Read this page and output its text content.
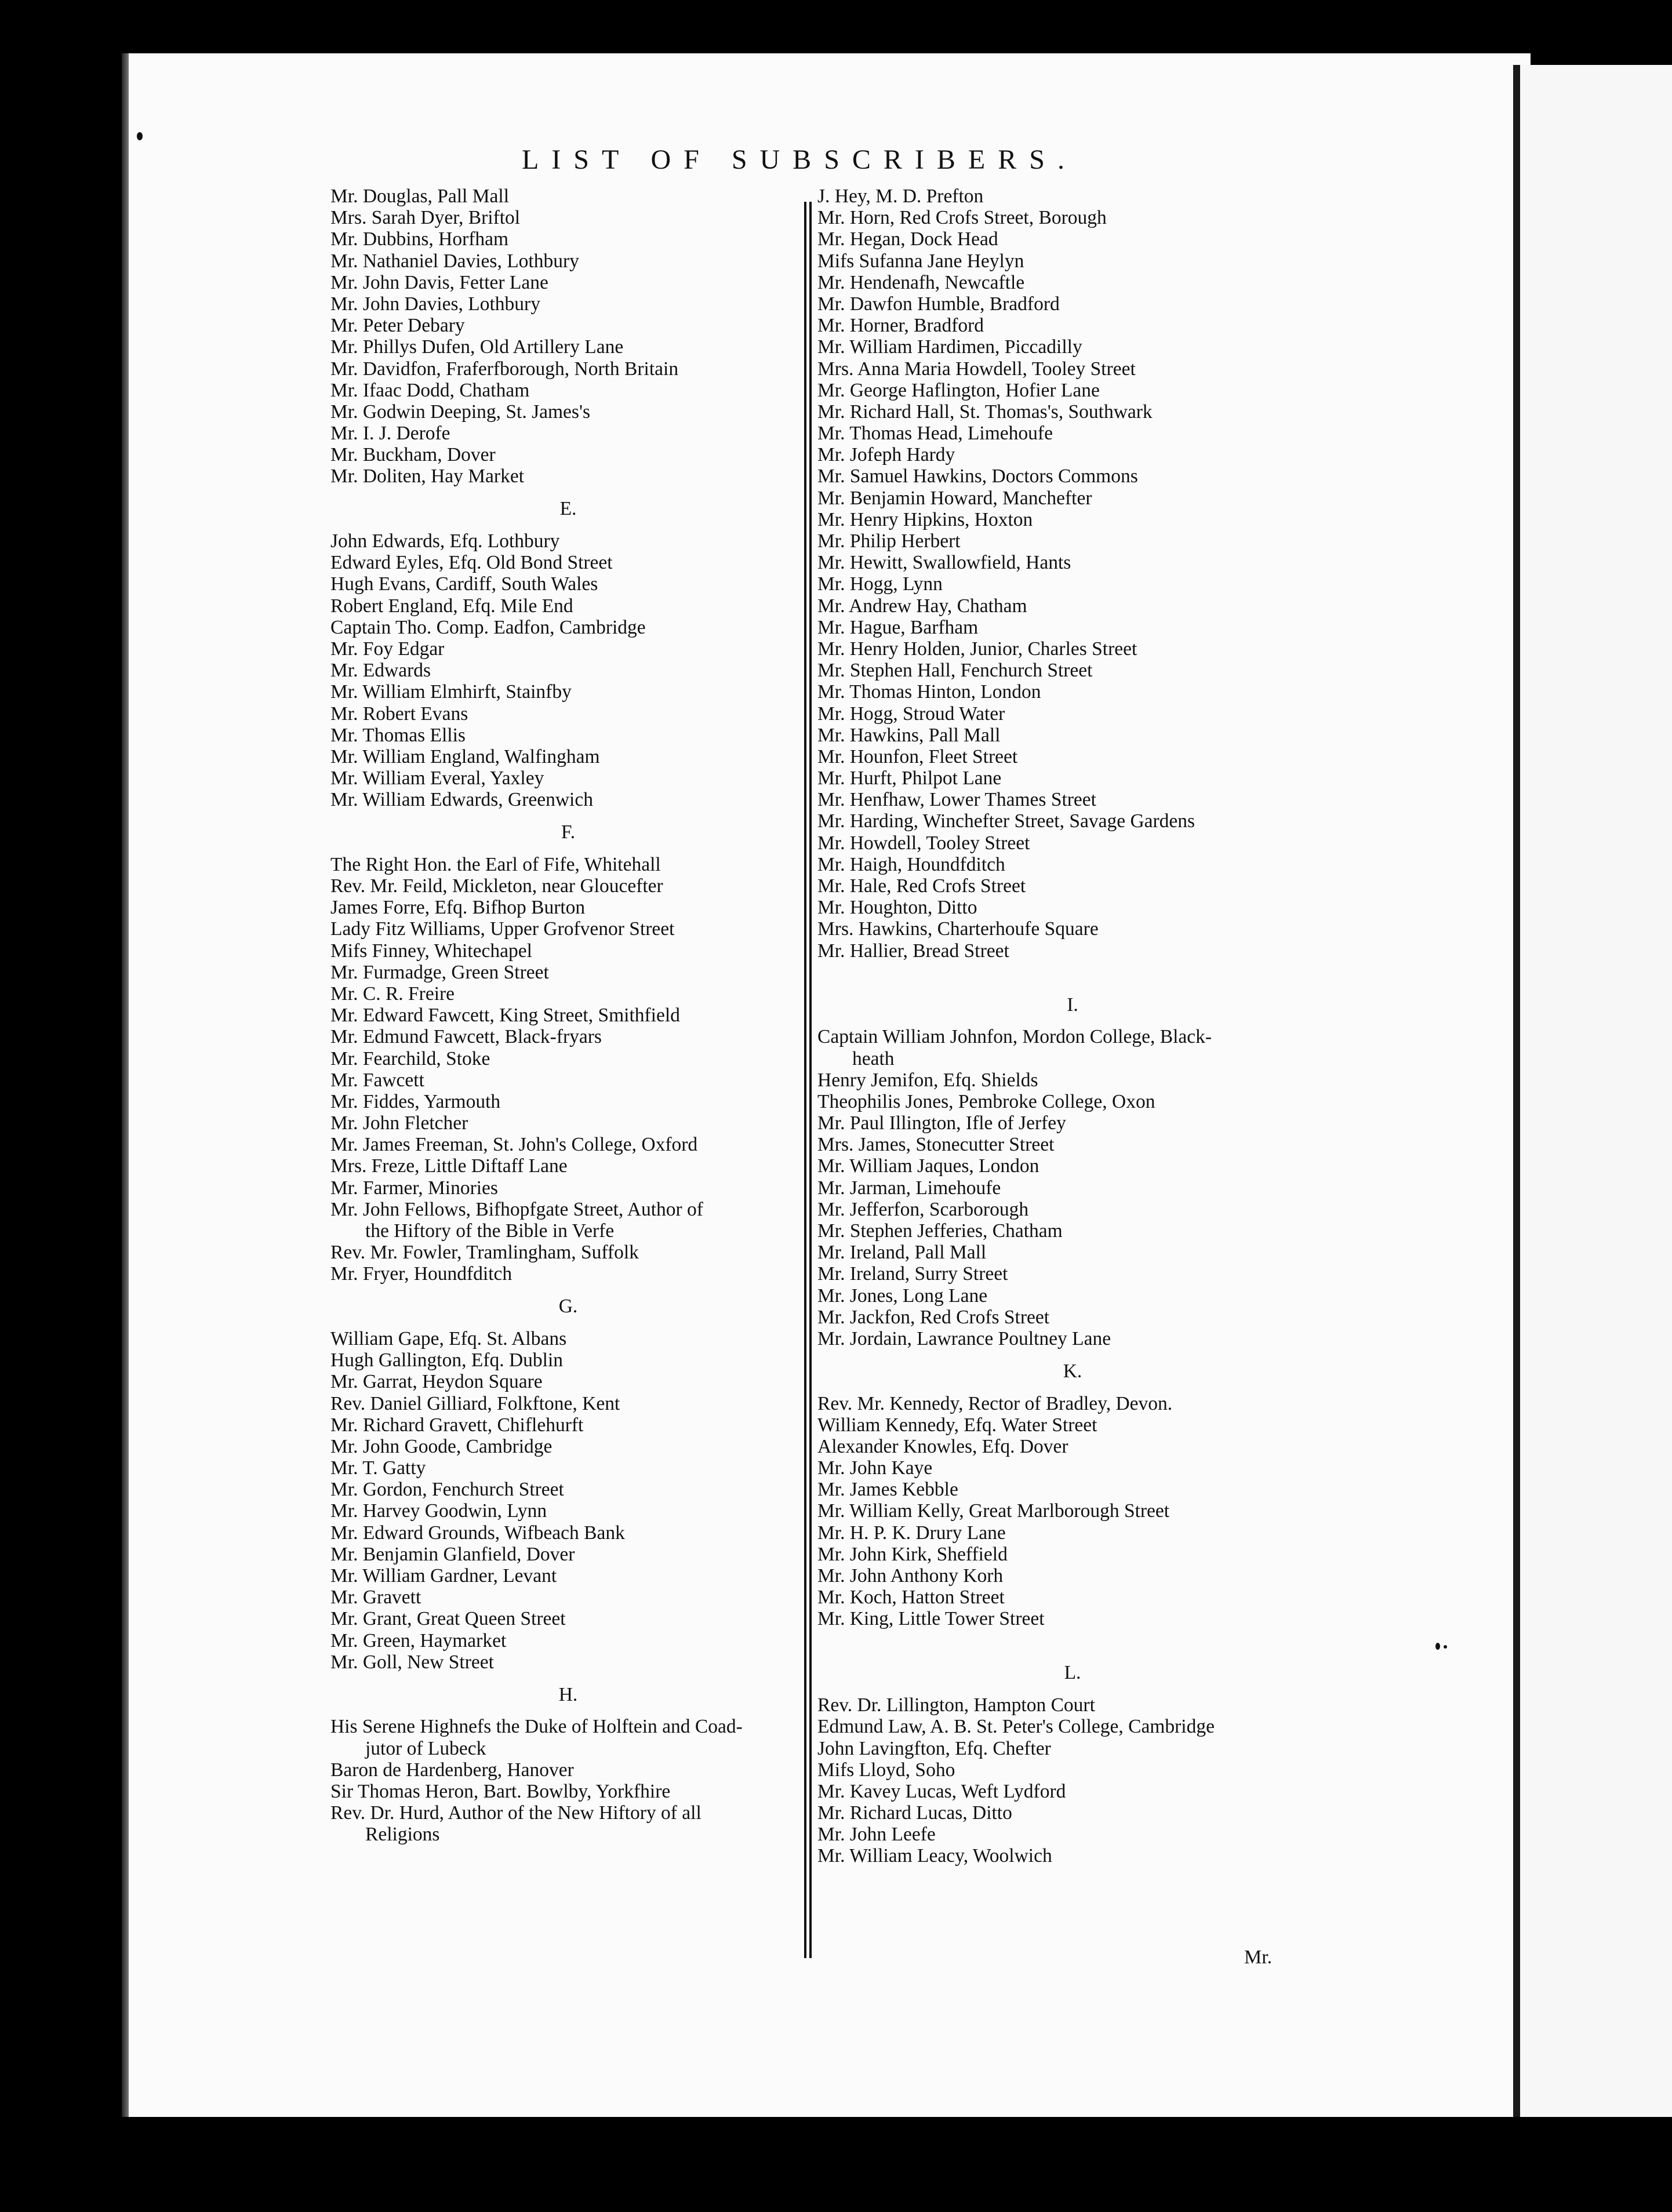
LIST OF SUBSCRIBERS.
Mr. Douglas, Pall Mall
Mrs. Sarah Dyer, Briftol
Mr. Dubbins, Horfham
Mr. Nathaniel Davies, Lothbury
Mr. John Davis, Fetter Lane
Mr. John Davies, Lothbury
Mr. Peter Debary
Mr. Phillys Dufen, Old Artillery Lane
Mr. Davidfon, Fraferfborough, North Britain
Mr. Ifaac Dodd, Chatham
Mr. Godwin Deeping, St. James's
Mr. I. J. Derofe
Mr. Buckham, Dover
Mr. Doliten, Hay Market
E.
John Edwards, Efq. Lothbury
Edward Eyles, Efq. Old Bond Street
Hugh Evans, Cardiff, South Wales
Robert England, Efq. Mile End
Captain Tho. Comp. Eadfon, Cambridge
Mr. Foy Edgar
Mr. Edwards
Mr. William Elmhirft, Stainfby
Mr. Robert Evans
Mr. Thomas Ellis
Mr. William England, Walfingham
Mr. William Everal, Yaxley
Mr. William Edwards, Greenwich
F.
The Right Hon. the Earl of Fife, Whitehall
Rev. Mr. Feild, Mickleton, near Gloucefter
James Forre, Efq. Bifhop Burton
Lady Fitz Williams, Upper Grofvenor Street
Mifs Finney, Whitechapel
Mr. Furmadge, Green Street
Mr. C. R. Freire
Mr. Edward Fawcett, King Street, Smithfield
Mr. Edmund Fawcett, Black-fryars
Mr. Fearchild, Stoke
Mr. Fawcett
Mr. Fiddes, Yarmouth
Mr. John Fletcher
Mr. James Freeman, St. John's College, Oxford
Mrs. Freze, Little Diftaff Lane
Mr. Farmer, Minories
Mr. John Fellows, Bifhopfgate Street, Author of
the Hiftory of the Bible in Verfe
Rev. Mr. Fowler, Tramlingham, Suffolk
Mr. Fryer, Houndfditch
G.
William Gape, Efq. St. Albans
Hugh Gallington, Efq. Dublin
Mr. Garrat, Heydon Square
Rev. Daniel Gilliard, Folkftone, Kent
Mr. Richard Gravett, Chiflehurft
Mr. John Goode, Cambridge
Mr. T. Gatty
Mr. Gordon, Fenchurch Street
Mr. Harvey Goodwin, Lynn
Mr. Edward Grounds, Wifbeach Bank
Mr. Benjamin Glanfield, Dover
Mr. William Gardner, Levant
Mr. Gravett
Mr. Grant, Great Queen Street
Mr. Green, Haymarket
Mr. Goll, New Street
H.
His Serene Highnefs the Duke of Holftein and Coad-
jutor of Lubeck
Baron de Hardenberg, Hanover
Sir Thomas Heron, Bart. Bowlby, Yorkfhire
Rev. Dr. Hurd, Author of the New Hiftory of all
Religions
J. Hey, M. D. Prefton
Mr. Horn, Red Crofs Street, Borough
Mr. Hegan, Dock Head
Mifs Sufanna Jane Heylyn
Mr. Hendenafh, Newcaftle
Mr. Dawfon Humble, Bradford
Mr. Horner, Bradford
Mr. William Hardimen, Piccadilly
Mrs. Anna Maria Howdell, Tooley Street
Mr. George Haflington, Hofier Lane
Mr. Richard Hall, St. Thomas's, Southwark
Mr. Thomas Head, Limehoufe
Mr. Jofeph Hardy
Mr. Samuel Hawkins, Doctors Commons
Mr. Benjamin Howard, Manchefter
Mr. Henry Hipkins, Hoxton
Mr. Philip Herbert
Mr. Hewitt, Swallowfield, Hants
Mr. Hogg, Lynn
Mr. Andrew Hay, Chatham
Mr. Hague, Barfham
Mr. Henry Holden, Junior, Charles Street
Mr. Stephen Hall, Fenchurch Street
Mr. Thomas Hinton, London
Mr. Hogg, Stroud Water
Mr. Hawkins, Pall Mall
Mr. Hounfon, Fleet Street
Mr. Hurft, Philpot Lane
Mr. Henfhaw, Lower Thames Street
Mr. Harding, Winchefter Street, Savage Gardens
Mr. Howdell, Tooley Street
Mr. Haigh, Houndfditch
Mr. Hale, Red Crofs Street
Mr. Houghton, Ditto
Mrs. Hawkins, Charterhoufe Square
Mr. Hallier, Bread Street
I.
Captain William Johnfon, Mordon College, Black-
heath
Henry Jemifon, Efq. Shields
Theophilis Jones, Pembroke College, Oxon
Mr. Paul Illington, Ifle of Jerfey
Mrs. James, Stonecutter Street
Mr. William Jaques, London
Mr. Jarman, Limehoufe
Mr. Jefferfon, Scarborough
Mr. Stephen Jefferies, Chatham
Mr. Ireland, Pall Mall
Mr. Ireland, Surry Street
Mr. Jones, Long Lane
Mr. Jackfon, Red Crofs Street
Mr. Jordain, Lawrance Poultney Lane
K.
Rev. Mr. Kennedy, Rector of Bradley, Devon.
William Kennedy, Efq. Water Street
Alexander Knowles, Efq. Dover
Mr. John Kaye
Mr. James Kebble
Mr. William Kelly, Great Marlborough Street
Mr. H. P. K. Drury Lane
Mr. John Kirk, Sheffield
Mr. John Anthony Korh
Mr. Koch, Hatton Street
Mr. King, Little Tower Street
L.
Rev. Dr. Lillington, Hampton Court
Edmund Law, A. B. St. Peter's College, Cambridge
John Lavingfton, Efq. Chefter
Mifs Lloyd, Soho
Mr. Kavey Lucas, Weft Lydford
Mr. Richard Lucas, Ditto
Mr. John Leefe
Mr. William Leacy, Woolwich
Mr.
